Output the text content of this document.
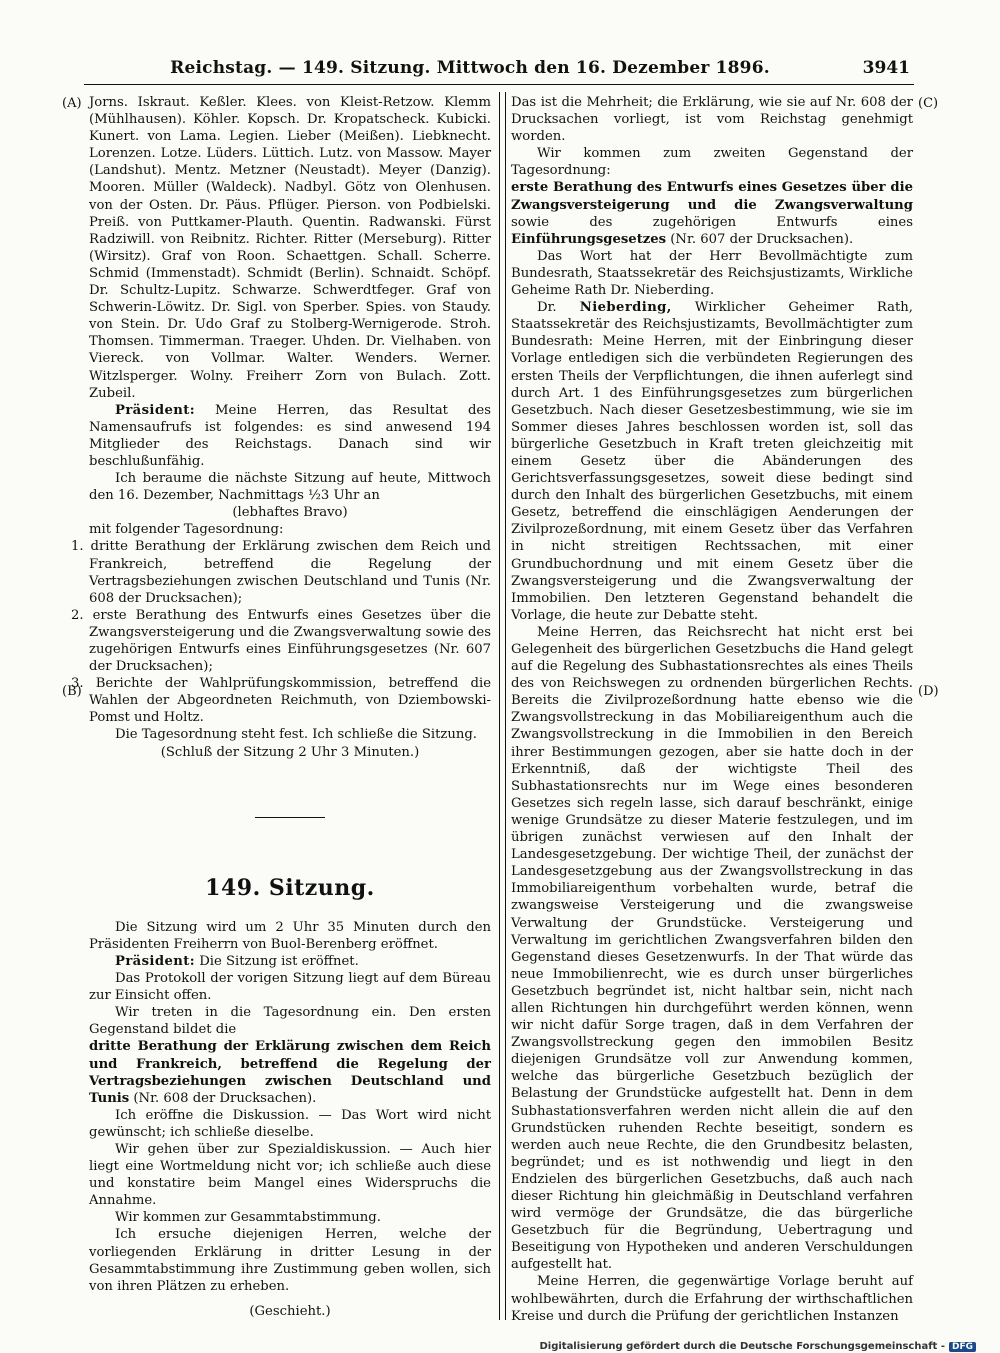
Reichstag. — 149. Sitzung. Mittwoch den 16. Dezember 1896.	3941
(A)
(B)
(C)
(D)

Jorns. Iskraut. Keßler. Klees. von Kleist-Retzow. Klemm (Mühlhausen). Köhler. Kopsch. Dr. Kropatscheck. Kubicki. Kunert. von Lama. Legien. Lieber (Meißen). Liebknecht. Lorenzen. Lotze. Lüders. Lüttich. Lutz. von Massow. Mayer (Landshut). Mentz. Metzner (Neustadt). Meyer (Danzig). Mooren. Müller (Waldeck). Nadbyl. Götz von Olenhusen. von der Osten. Dr. Päus. Pflüger. Pierson. von Podbielski. Preiß. von Puttkamer-Plauth. Quentin. Radwanski. Fürst Radziwill. von Reibnitz. Richter. Ritter (Merseburg). Ritter (Wirsitz). Graf von Roon. Schaettgen. Schall. Scherre. Schmid (Immenstadt). Schmidt (Berlin). Schnaidt. Schöpf. Dr. Schultz-Lupitz. Schwarze. Schwerdtfeger. Graf von Schwerin-Löwitz. Dr. Sigl. von Sperber. Spies. von Staudy. von Stein. Dr. Udo Graf zu Stolberg-Wernigerode. Stroh. Thomsen. Timmerman. Traeger. Uhden. Dr. Vielhaben. von Viereck. von Vollmar. Walter. Wenders. Werner. Witzlsperger. Wolny. Freiherr Zorn von Bulach. Zott. Zubeil.

Präsident: Meine Herren, das Resultat des Namensaufrufs ist folgendes: es sind anwesend 194 Mitglieder des Reichstags. Danach sind wir beschlußunfähig.

Ich beraume die nächste Sitzung auf heute, Mittwoch den 16. Dezember, Nachmittags ½3 Uhr an

(lebhaftes Bravo)

mit folgender Tagesordnung:

1. dritte Berathung der Erklärung zwischen dem Reich und Frankreich, betreffend die Regelung der Vertragsbeziehungen zwischen Deutschland und Tunis (Nr. 608 der Drucksachen);

2. erste Berathung des Entwurfs eines Gesetzes über die Zwangsversteigerung und die Zwangsverwaltung sowie des zugehörigen Entwurfs eines Einführungsgesetzes (Nr. 607 der Drucksachen);

3. Berichte der Wahlprüfungskommission, betreffend die Wahlen der Abgeordneten Reichmuth, von Dziembowski-Pomst und Holtz.

Die Tagesordnung steht fest. Ich schließe die Sitzung.

(Schluß der Sitzung 2 Uhr 3 Minuten.)

149. Sitzung.

Die Sitzung wird um 2 Uhr 35 Minuten durch den Präsidenten Freiherrn von Buol-Berenberg eröffnet.

Präsident: Die Sitzung ist eröffnet.

Das Protokoll der vorigen Sitzung liegt auf dem Büreau zur Einsicht offen.

Wir treten in die Tagesordnung ein. Den ersten Gegenstand bildet die

dritte Berathung der Erklärung zwischen dem Reich und Frankreich, betreffend die Regelung der Vertragsbeziehungen zwischen Deutschland und Tunis (Nr. 608 der Drucksachen).

Ich eröffne die Diskussion. — Das Wort wird nicht gewünscht; ich schließe dieselbe.

Wir gehen über zur Spezialdiskussion. — Auch hier liegt eine Wortmeldung nicht vor; ich schließe auch diese und konstatire beim Mangel eines Widerspruchs die Annahme.

Wir kommen zur Gesammtabstimmung.

Ich ersuche diejenigen Herren, welche der vorliegenden Erklärung in dritter Lesung in der Gesammtabstimmung ihre Zustimmung geben wollen, sich von ihren Plätzen zu erheben.

(Geschieht.)

Das ist die Mehrheit; die Erklärung, wie sie auf Nr. 608 der Drucksachen vorliegt, ist vom Reichstag genehmigt worden.

Wir kommen zum zweiten Gegenstand der Tagesordnung:

erste Berathung des Entwurfs eines Gesetzes über die Zwangsversteigerung und die Zwangsverwaltung sowie des zugehörigen Entwurfs eines Einführungsgesetzes (Nr. 607 der Drucksachen).

Das Wort hat der Herr Bevollmächtigte zum Bundesrath, Staatssekretär des Reichsjustizamts, Wirkliche Geheime Rath Dr. Nieberding.

Dr. Nieberding, Wirklicher Geheimer Rath, Staatssekretär des Reichsjustizamts, Bevollmächtigter zum Bundesrath: Meine Herren, mit der Einbringung dieser Vorlage entledigen sich die verbündeten Regierungen des ersten Theils der Verpflichtungen, die ihnen auferlegt sind durch Art. 1 des Einführungsgesetzes zum bürgerlichen Gesetzbuch. Nach dieser Gesetzesbestimmung, wie sie im Sommer dieses Jahres beschlossen worden ist, soll das bürgerliche Gesetzbuch in Kraft treten gleichzeitig mit einem Gesetz über die Abänderungen des Gerichtsverfassungsgesetzes, soweit diese bedingt sind durch den Inhalt des bürgerlichen Gesetzbuchs, mit einem Gesetz, betreffend die einschlägigen Aenderungen der Zivilprozeßordnung, mit einem Gesetz über das Verfahren in nicht streitigen Rechtssachen, mit einer Grundbuchordnung und mit einem Gesetz über die Zwangsversteigerung und die Zwangsverwaltung der Immobilien. Den letzteren Gegenstand behandelt die Vorlage, die heute zur Debatte steht.

Meine Herren, das Reichsrecht hat nicht erst bei Gelegenheit des bürgerlichen Gesetzbuchs die Hand gelegt auf die Regelung des Subhastationsrechtes als eines Theils des von Reichswegen zu ordnenden bürgerlichen Rechts. Bereits die Zivilprozeßordnung hatte ebenso wie die Zwangsvollstreckung in das Mobiliareigenthum auch die Zwangsvollstreckung in die Immobilien in den Bereich ihrer Bestimmungen gezogen, aber sie hatte doch in der Erkenntniß, daß der wichtigste Theil des Subhastationsrechts nur im Wege eines besonderen Gesetzes sich regeln lasse, sich darauf beschränkt, einige wenige Grundsätze zu dieser Materie festzulegen, und im übrigen zunächst verwiesen auf den Inhalt der Landesgesetzgebung. Der wichtige Theil, der zunächst der Landesgesetzgebung aus der Zwangsvollstreckung in das Immobiliareigenthum vorbehalten wurde, betraf die zwangsweise Versteigerung und die zwangsweise Verwaltung der Grundstücke. Versteigerung und Verwaltung im gerichtlichen Zwangsverfahren bilden den Gegenstand dieses Gesetzenwurfs. In der That würde das neue Immobilienrecht, wie es durch unser bürgerliches Gesetzbuch begründet ist, nicht haltbar sein, nicht nach allen Richtungen hin durchgeführt werden können, wenn wir nicht dafür Sorge tragen, daß in dem Verfahren der Zwangsvollstreckung gegen den immobilen Besitz diejenigen Grundsätze voll zur Anwendung kommen, welche das bürgerliche Gesetzbuch bezüglich der Belastung der Grundstücke aufgestellt hat. Denn in dem Subhastationsverfahren werden nicht allein die auf den Grundstücken ruhenden Rechte beseitigt, sondern es werden auch neue Rechte, die den Grundbesitz belasten, begründet; und es ist nothwendig und liegt in den Endzielen des bürgerlichen Gesetzbuchs, daß auch nach dieser Richtung hin gleichmäßig in Deutschland verfahren wird vermöge der Grundsätze, die das bürgerliche Gesetzbuch für die Begründung, Uebertragung und Beseitigung von Hypotheken und anderen Verschuldungen aufgestellt hat.

Meine Herren, die gegenwärtige Vorlage beruht auf wohlbewährten, durch die Erfahrung der wirthschaftlichen Kreise und durch die Prüfung der gerichtlichen Instanzen

Digitalisierung gefördert durch die Deutsche Forschungsgemeinschaft - DFG
